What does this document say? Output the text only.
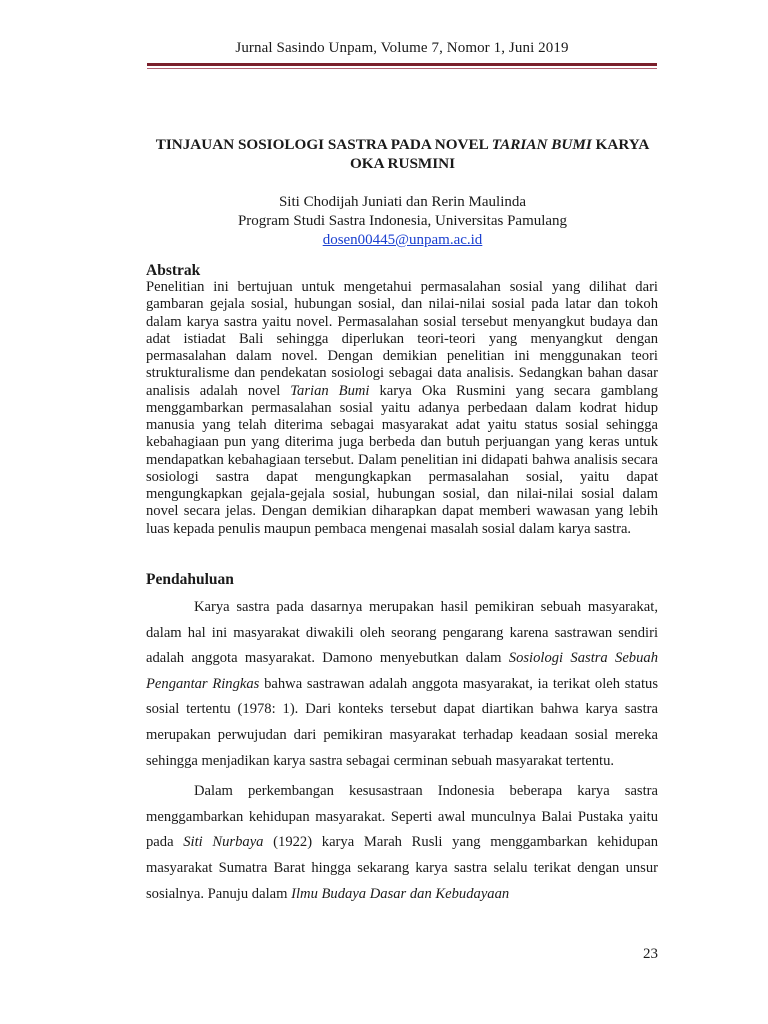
Jurnal Sasindo Unpam, Volume 7, Nomor 1, Juni 2019
TINJAUAN SOSIOLOGI SASTRA PADA NOVEL TARIAN BUMI KARYA
OKA RUSMINI
Siti Chodijah Juniati dan Rerin Maulinda
Program Studi Sastra Indonesia, Universitas Pamulang
dosen00445@unpam.ac.id
Abstrak
Penelitian ini bertujuan untuk mengetahui permasalahan sosial yang dilihat dari gambaran gejala sosial, hubungan sosial, dan nilai-nilai sosial pada latar dan tokoh dalam karya sastra yaitu novel. Permasalahan sosial tersebut menyangkut budaya dan adat istiadat Bali sehingga diperlukan teori-teori yang menyangkut dengan permasalahan dalam novel. Dengan demikian penelitian ini menggunakan teori strukturalisme dan pendekatan sosiologi sebagai data analisis. Sedangkan bahan dasar analisis adalah novel Tarian Bumi karya Oka Rusmini yang secara gamblang menggambarkan permasalahan sosial yaitu adanya perbedaan dalam kodrat hidup manusia yang telah diterima sebagai masyarakat adat yaitu status sosial sehingga kebahagiaan pun yang diterima juga berbeda dan butuh perjuangan yang keras untuk mendapatkan kebahagiaan tersebut. Dalam penelitian ini didapati bahwa analisis secara sosiologi sastra dapat mengungkapkan permasalahan sosial, yaitu dapat mengungkapkan gejala-gejala sosial, hubungan sosial, dan nilai-nilai sosial dalam novel secara jelas. Dengan demikian diharapkan dapat memberi wawasan yang lebih luas kepada penulis maupun pembaca mengenai masalah sosial dalam karya sastra.
Pendahuluan

Karya sastra pada dasarnya merupakan hasil pemikiran sebuah masyarakat, dalam hal ini masyarakat diwakili oleh seorang pengarang karena sastrawan sendiri adalah anggota masyarakat. Damono menyebutkan dalam Sosiologi Sastra Sebuah Pengantar Ringkas bahwa sastrawan adalah anggota masyarakat, ia terikat oleh status sosial tertentu (1978: 1). Dari konteks tersebut dapat diartikan bahwa karya sastra merupakan perwujudan dari pemikiran masyarakat terhadap keadaan sosial mereka sehingga menjadikan karya sastra sebagai cerminan sebuah masyarakat tertentu.

Dalam perkembangan kesusastraan Indonesia beberapa karya sastra menggambarkan kehidupan masyarakat. Seperti awal munculnya Balai Pustaka yaitu pada Siti Nurbaya (1922) karya Marah Rusli yang menggambarkan kehidupan masyarakat Sumatra Barat hingga sekarang karya sastra selalu terikat dengan unsur sosialnya. Panuju dalam Ilmu Budaya Dasar dan Kebudayaan

23
